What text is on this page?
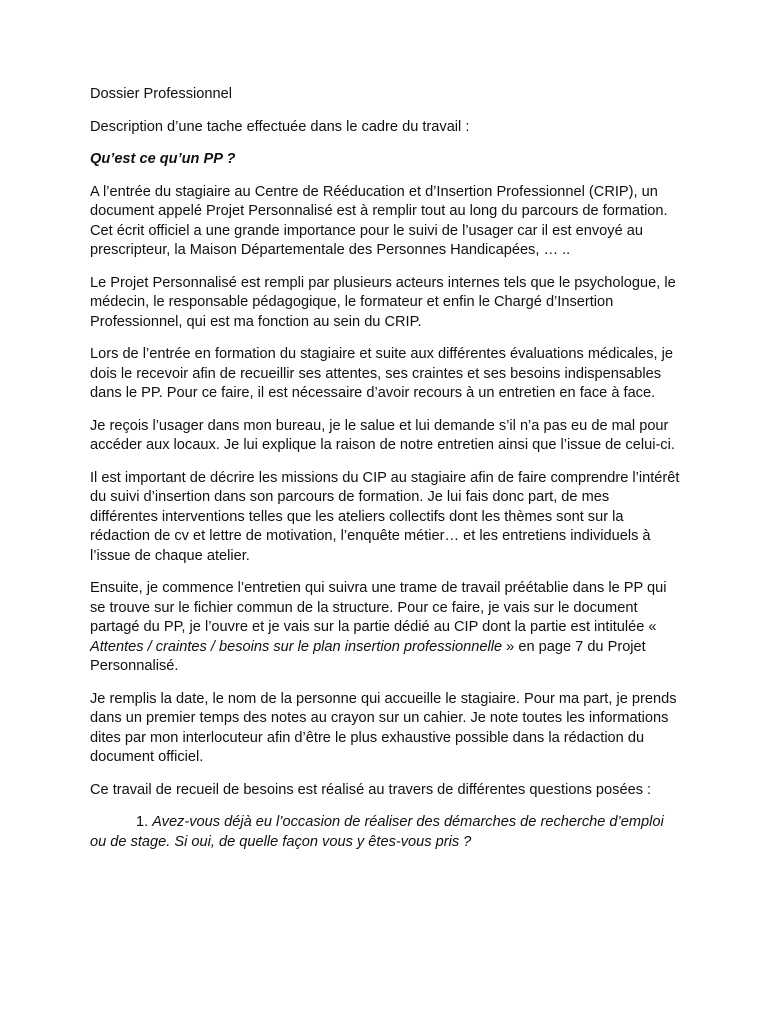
Dossier Professionnel

Description d’une tache effectuée dans le cadre du travail :

Qu’est ce qu’un PP ?

A l’entrée du stagiaire au Centre de Rééducation et d’Insertion Professionnel (CRIP), un document appelé Projet Personnalisé est à remplir tout au long du parcours de formation. Cet écrit officiel a une grande importance pour le suivi de l’usager car il est envoyé au prescripteur, la Maison Départementale des Personnes Handicapées, … ..

Le Projet Personnalisé est rempli par plusieurs acteurs internes tels que le psychologue, le médecin, le responsable pédagogique, le formateur et enfin le Chargé d’Insertion Professionnel, qui est ma fonction au sein du CRIP.

Lors de l’entrée en formation du stagiaire et suite aux différentes évaluations médicales, je dois le recevoir afin de recueillir ses attentes, ses craintes et ses besoins indispensables dans le PP. Pour ce faire, il est nécessaire d’avoir recours à un entretien en face à face.

Je reçois l’usager dans mon bureau, je le salue et lui demande s’il n’a pas eu de mal pour accéder aux locaux. Je lui explique la raison de notre entretien ainsi que l’issue de celui-ci.

Il est important de décrire les missions du CIP au stagiaire afin de faire comprendre l’intérêt du suivi d’insertion dans son parcours de formation. Je lui fais donc part, de mes différentes interventions telles que les ateliers collectifs dont les thèmes sont sur la rédaction de cv et lettre de motivation, l’enquête métier… et les entretiens individuels à l’issue de chaque atelier.

Ensuite, je commence l’entretien qui suivra une trame de travail préétablie dans le PP qui se trouve sur le fichier commun de la structure. Pour ce faire, je vais sur le document partagé du PP, je l’ouvre et je vais sur la partie dédié au CIP dont la partie est intitulée « Attentes / craintes / besoins sur le plan insertion professionnelle » en page 7 du Projet Personnalisé.

Je remplis la date, le nom de la personne qui accueille le stagiaire. Pour ma part, je prends dans un premier temps des notes au crayon sur un cahier. Je note toutes les informations dites par mon interlocuteur afin d’être le plus exhaustive possible dans la rédaction du document officiel.

Ce travail de recueil de besoins est réalisé au travers de différentes questions posées :

1. Avez-vous déjà eu l’occasion de réaliser des démarches de recherche d’emploi ou de stage. Si oui, de quelle façon vous y êtes-vous pris ?
